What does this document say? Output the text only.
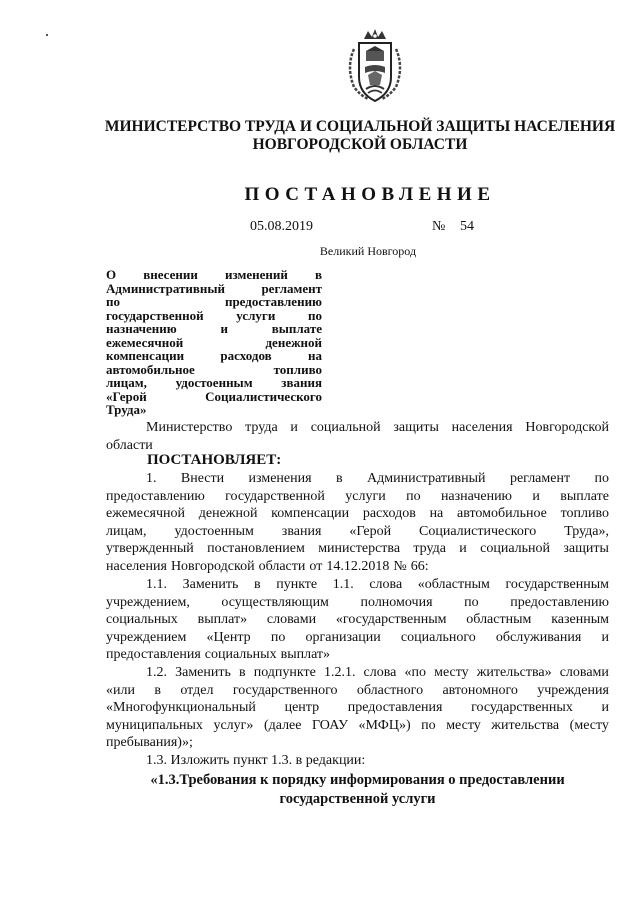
МИНИСТЕРСТВО ТРУДА И СОЦИАЛЬНОЙ ЗАЩИТЫ НАСЕЛЕНИЯ
НОВГОРОДСКОЙ ОБЛАСТИ
ПОСТАНОВЛЕНИЕ
05.08.2019	№ 54
Великий Новгород
О внесении изменений в
Административный	регламент
по	предоставлению
государственной	услуги	по
назначению	и	выплате
ежемесячной	денежной
компенсации	расходов	на
автомобильное	топливо
лицам, удостоенным звания
«Герой	Социалистического
Труда»
Министерство труда и социальной защиты населения Новгородской
области
ПОСТАНОВЛЯЕТ:
1. Внести изменения в Административный регламент по
предоставлению государственной услуги по назначению и выплате
ежемесячной денежной компенсации расходов на автомобильное топливо
лицам, удостоенным звания «Герой Социалистического Труда»,
утвержденный постановлением министерства труда и социальной защиты
населения Новгородской области от 14.12.2018 № 66:
1.1. Заменить в пункте 1.1. слова «областным государственным
учреждением, осуществляющим полномочия по предоставлению
социальных выплат» словами «государственным областным казенным
учреждением «Центр по организации социального обслуживания и
предоставления социальных выплат»
1.2. Заменить в подпункте 1.2.1. слова «по месту жительства» словами
«или в отдел государственного областного автономного учреждения
«Многофункциональный центр предоставления государственных и
муниципальных услуг» (далее ГОАУ «МФЦ») по месту жительства (месту
пребывания)»;
1.3. Изложить пункт 1.3. в редакции:
«1.3.Требования к порядку информирования о предоставлении
государственной услуги
